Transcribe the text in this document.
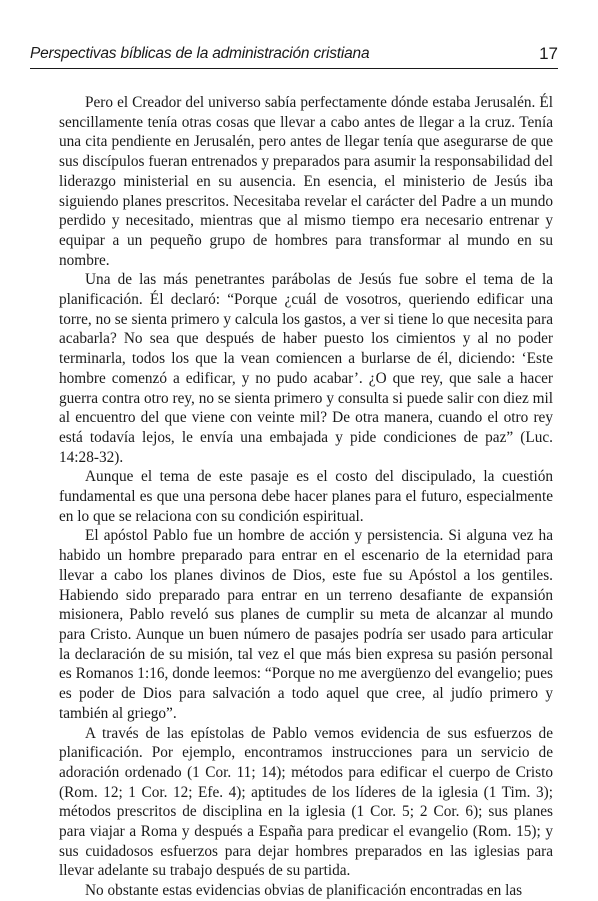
Perspectivas bíblicas de la administración cristiana	17

Pero el Creador del universo sabía perfectamente dónde estaba Jerusalén. Él sencillamente tenía otras cosas que llevar a cabo antes de llegar a la cruz. Tenía una cita pendiente en Jerusalén, pero antes de llegar tenía que asegurarse de que sus discípulos fueran entrenados y preparados para asumir la responsabilidad del liderazgo ministerial en su ausencia. En esencia, el ministerio de Jesús iba siguiendo planes prescritos. Necesitaba revelar el carácter del Padre a un mundo perdido y necesitado, mientras que al mismo tiempo era necesario entrenar y equipar a un pequeño grupo de hombres para transformar al mundo en su nombre.

Una de las más penetrantes parábolas de Jesús fue sobre el tema de la planificación. Él declaró: “Porque ¿cuál de vosotros, queriendo edificar una torre, no se sienta primero y calcula los gastos, a ver si tiene lo que necesita para acabarla? No sea que después de haber puesto los cimientos y al no poder terminarla, todos los que la vean comiencen a burlarse de él, diciendo: ‘Este hombre comenzó a edificar, y no pudo acabar’. ¿O que rey, que sale a hacer guerra contra otro rey, no se sienta primero y consulta si puede salir con diez mil al encuentro del que viene con veinte mil? De otra manera, cuando el otro rey está todavía lejos, le envía una embajada y pide condiciones de paz” (Luc. 14:28-32).

Aunque el tema de este pasaje es el costo del discipulado, la cuestión fundamental es que una persona debe hacer planes para el futuro, especialmente en lo que se relaciona con su condición espiritual.

El apóstol Pablo fue un hombre de acción y persistencia. Si alguna vez ha habido un hombre preparado para entrar en el escenario de la eternidad para llevar a cabo los planes divinos de Dios, este fue su Apóstol a los gentiles. Habiendo sido preparado para entrar en un terreno desafiante de expansión misionera, Pablo reveló sus planes de cumplir su meta de alcanzar al mundo para Cristo. Aunque un buen número de pasajes podría ser usado para articular la declaración de su misión, tal vez el que más bien expresa su pasión personal es Romanos 1:16, donde leemos: “Porque no me avergüenzo del evangelio; pues es poder de Dios para salvación a todo aquel que cree, al judío primero y también al griego”.

A través de las epístolas de Pablo vemos evidencia de sus esfuerzos de planificación. Por ejemplo, encontramos instrucciones para un servicio de adoración ordenado (1 Cor. 11; 14); métodos para edificar el cuerpo de Cristo (Rom. 12; 1 Cor. 12; Efe. 4); aptitudes de los líderes de la iglesia (1 Tim. 3); métodos prescritos de disciplina en la iglesia (1 Cor. 5; 2 Cor. 6); sus planes para viajar a Roma y después a España para predicar el evangelio (Rom. 15); y sus cuidadosos esfuerzos para dejar hombres preparados en las iglesias para llevar adelante su trabajo después de su partida.

No obstante estas evidencias obvias de planificación encontradas en las
